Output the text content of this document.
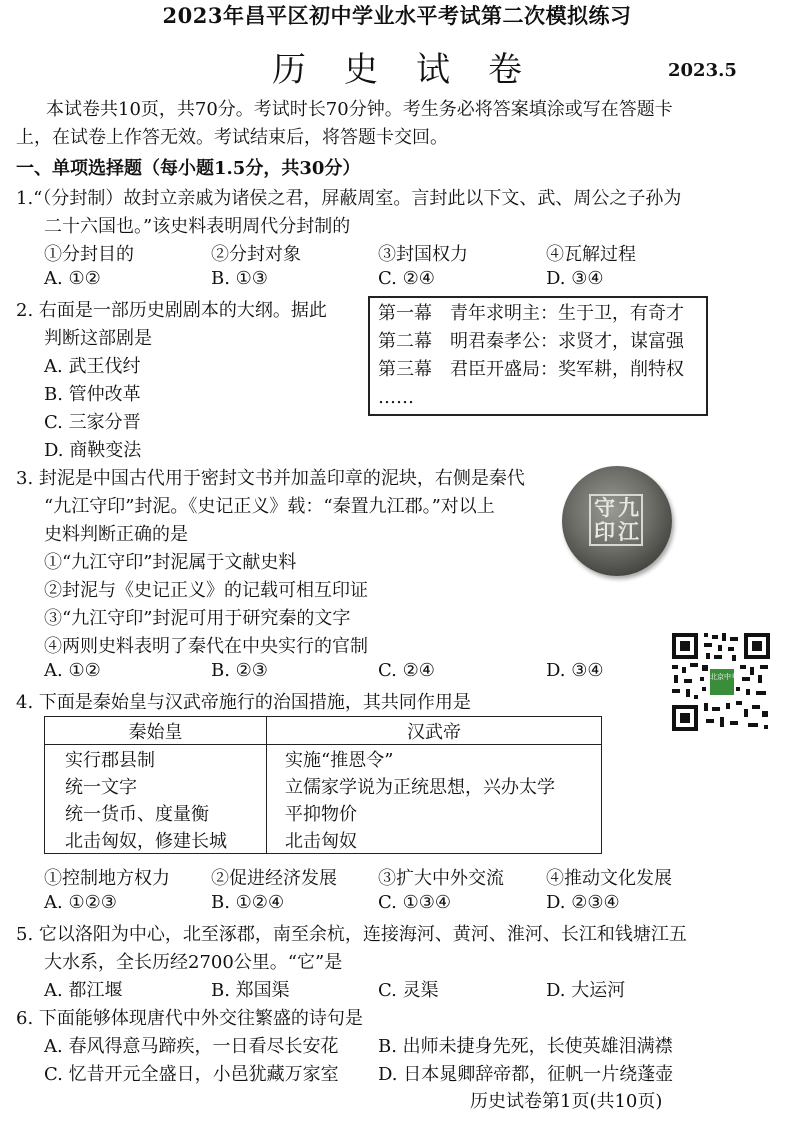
2023年昌平区初中学业水平考试第二次模拟练习
历史试卷	2023.5
本试卷共10页，共70分。考试时长70分钟。考生务必将答案填涂或写在答题卡
上，在试卷上作答无效。考试结束后，将答题卡交回。
一、单项选择题（每小题1.5分，共30分）
1.“（分封制）故封立亲戚为诸侯之君，屏蔽周室。言封此以下文、武、周公之子孙为
二十六国也。”该史料表明周代分封制的
①分封目的	②分封对象	③封国权力	④瓦解过程
A. ①②	B. ①③	C. ②④	D. ③④
2. 右面是一部历史剧剧本的大纲。据此
判断这部剧是
A. 武王伐纣
B. 管仲改革
C. 三家分晋
D. 商鞅变法
第一幕　青年求明主：生于卫，有奇才
第二幕　明君秦孝公：求贤才，谋富强
第三幕　君臣开盛局：奖军耕，削特权
……
3. 封泥是中国古代用于密封文书并加盖印章的泥块，右侧是秦代
“九江守印”封泥。《史记正义》载：“秦置九江郡。”对以上
史料判断正确的是
①“九江守印”封泥属于文献史料
②封泥与《史记正义》的记载可相互印证
③“九江守印”封泥可用于研究秦的文字
④两则史料表明了秦代在中央实行的官制
A. ①②	B. ②③	C. ②④	D. ③④
九
江
守
印
北京中考
4. 下面是秦始皇与汉武帝施行的治国措施，其共同作用是
秦始皇	汉武帝
实行郡县制	实施“推恩令”
统一文字	立儒家学说为正统思想，兴办太学
统一货币、度量衡	平抑物价
北击匈奴，修建长城	北击匈奴
①控制地方权力 ②促进经济发展 ③扩大中外交流 ④推动文化发展
A. ①②③	B. ①②④	C. ①③④	D. ②③④
5. 它以洛阳为中心，北至涿郡，南至余杭，连接海河、黄河、淮河、长江和钱塘江五
大水系，全长历经2700公里。“它”是
A. 都江堰	B. 郑国渠	C. 灵渠	D. 大运河
6. 下面能够体现唐代中外交往繁盛的诗句是
A. 春风得意马蹄疾，一日看尽长安花 B. 出师未捷身先死，长使英雄泪满襟
C. 忆昔开元全盛日，小邑犹藏万家室 D. 日本晁卿辞帝都，征帆一片绕蓬壶
历史试卷第1页(共10页)
